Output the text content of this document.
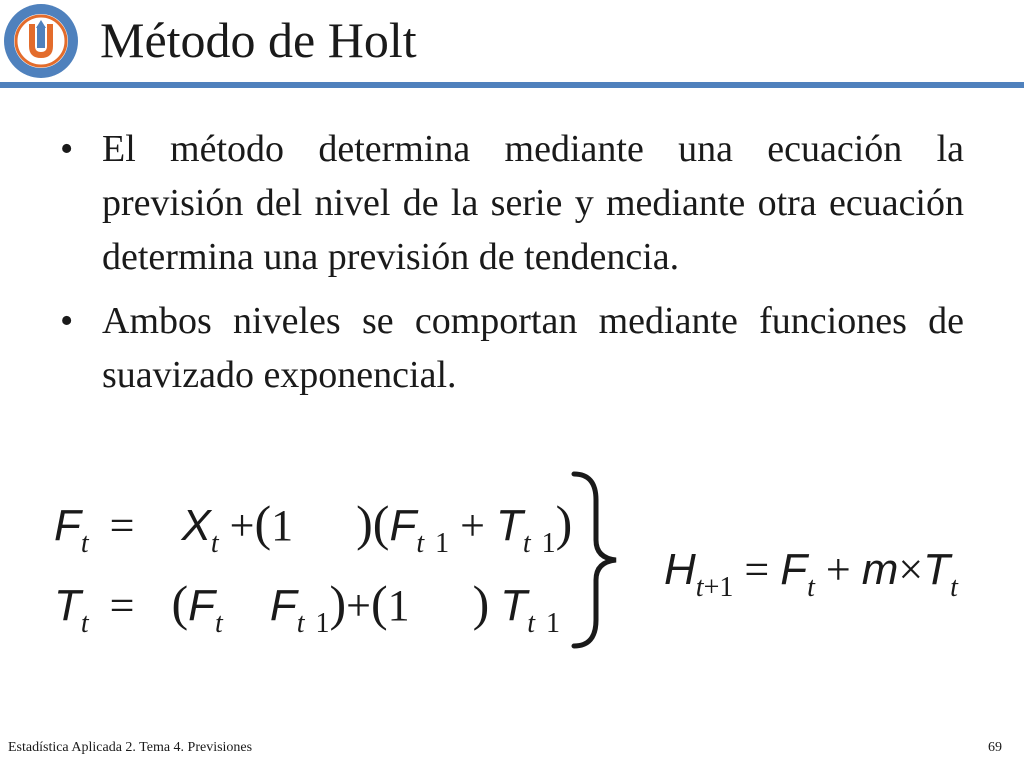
Método de Holt
• El método determina mediante una ecuación la previsión del nivel de la serie y mediante otra ecuación determina una previsión de tendencia.
• Ambos niveles se comportan mediante funciones de suavizado exponencial.
$F_t = X_t +(1$ )($F_t$ $_1 + T_t$ $_1$)
$T_t = (F_t$ $F_t$ $_1$)+(1 ) $T_t$ $_1$
$H_{t+1} = F_t + m\times T_t$
Estadística Aplicada 2. Tema 4. Previsiones	69
